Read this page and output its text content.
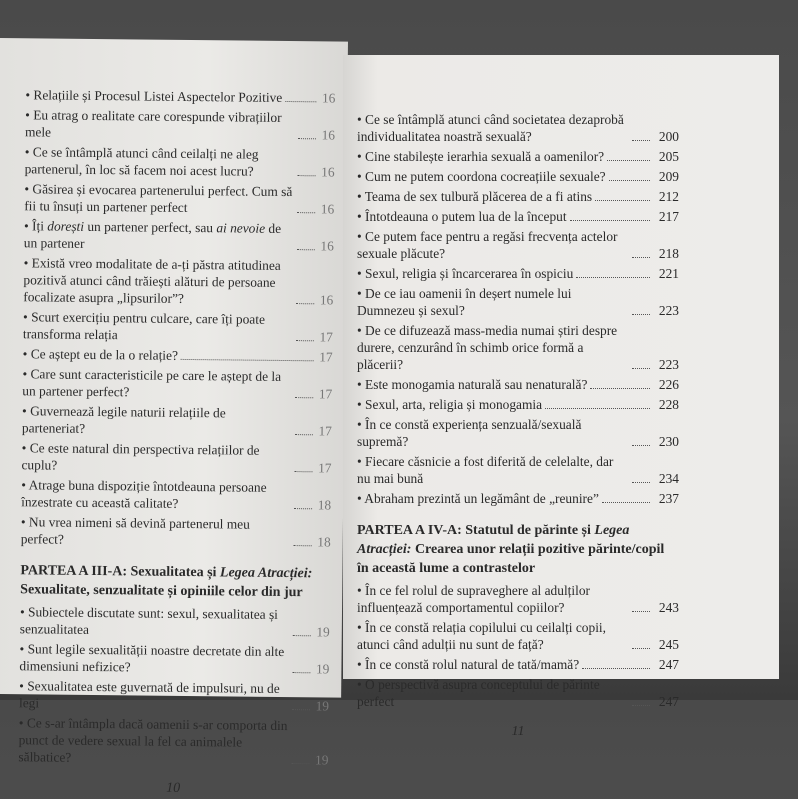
• Relațiile și Procesul Listei Aspectelor Pozitive	16
• Eu atrag o realitate care corespunde vibrațiilor mele	16
• Ce se întâmplă atunci când ceilalți ne aleg partenerul, în loc să facem noi acest lucru?	16
• Găsirea și evocarea partenerului perfect. Cum să fii tu însuți un partener perfect	16
• Îți dorești un partener perfect, sau ai nevoie de un partener	16
• Există vreo modalitate de a-ți păstra atitudinea pozitivă atunci când trăiești alături de persoane focalizate asupra „lipsurilor”?	16
• Scurt exercițiu pentru culcare, care îți poate transforma relația	17
• Ce aștept eu de la o relație?	17
• Care sunt caracteristicile pe care le aștept de la un partener perfect?	17
• Guvernează legile naturii relațiile de parteneriat?	17
• Ce este natural din perspectiva relațiilor de cuplu?	17
• Atrage buna dispoziție întotdeauna persoane înzestrate cu această calitate?	18
• Nu vrea nimeni să devină partenerul meu perfect?	18
PARTEA A III-A: Sexualitatea și Legea Atracției: Sexualitate, senzualitate și opiniile celor din jur
• Subiectele discutate sunt: sexul, sexualitatea și senzualitatea	19
• Sunt legile sexualității noastre decretate din alte dimensiuni nefizice?	19
• Sexualitatea este guvernată de impulsuri, nu de legi	19
• Ce s-ar întâmpla dacă oamenii s-ar comporta din punct de vedere sexual la fel ca animalele sălbatice?	19
10
• Ce se întâmplă atunci când societatea dezaprobă individualitatea noastră sexuală?	200
• Cine stabilește ierarhia sexuală a oamenilor?	205
• Cum ne putem coordona cocreațiile sexuale?	209
• Teama de sex tulbură plăcerea de a fi atins	212
• Întotdeauna o putem lua de la început	217
• Ce putem face pentru a regăsi frecvența actelor sexuale plăcute?	218
• Sexul, religia și încarcerarea în ospiciu	221
• De ce iau oamenii în deșert numele lui Dumnezeu și sexul?	223
• De ce difuzează mass-media numai știri despre durere, cenzurând în schimb orice formă a plăcerii?	223
• Este monogamia naturală sau nenaturală?	226
• Sexul, arta, religia și monogamia	228
• În ce constă experiența senzuală/sexuală supremă?	230
• Fiecare căsnicie a fost diferită de celelalte, dar nu mai bună	234
• Abraham prezintă un legământ de „reunire”	237
PARTEA A IV-A: Statutul de părinte și Legea Atracției: Crearea unor relații pozitive părinte/copil în această lume a contrastelor
• În ce fel rolul de supraveghere al adulților influențează comportamentul copiilor?	243
• În ce constă relația copilului cu ceilalți copii, atunci când adulții nu sunt de față?	245
• În ce constă rolul natural de tată/mamă?	247
• O perspectivă asupra conceptului de părinte perfect	247
11
